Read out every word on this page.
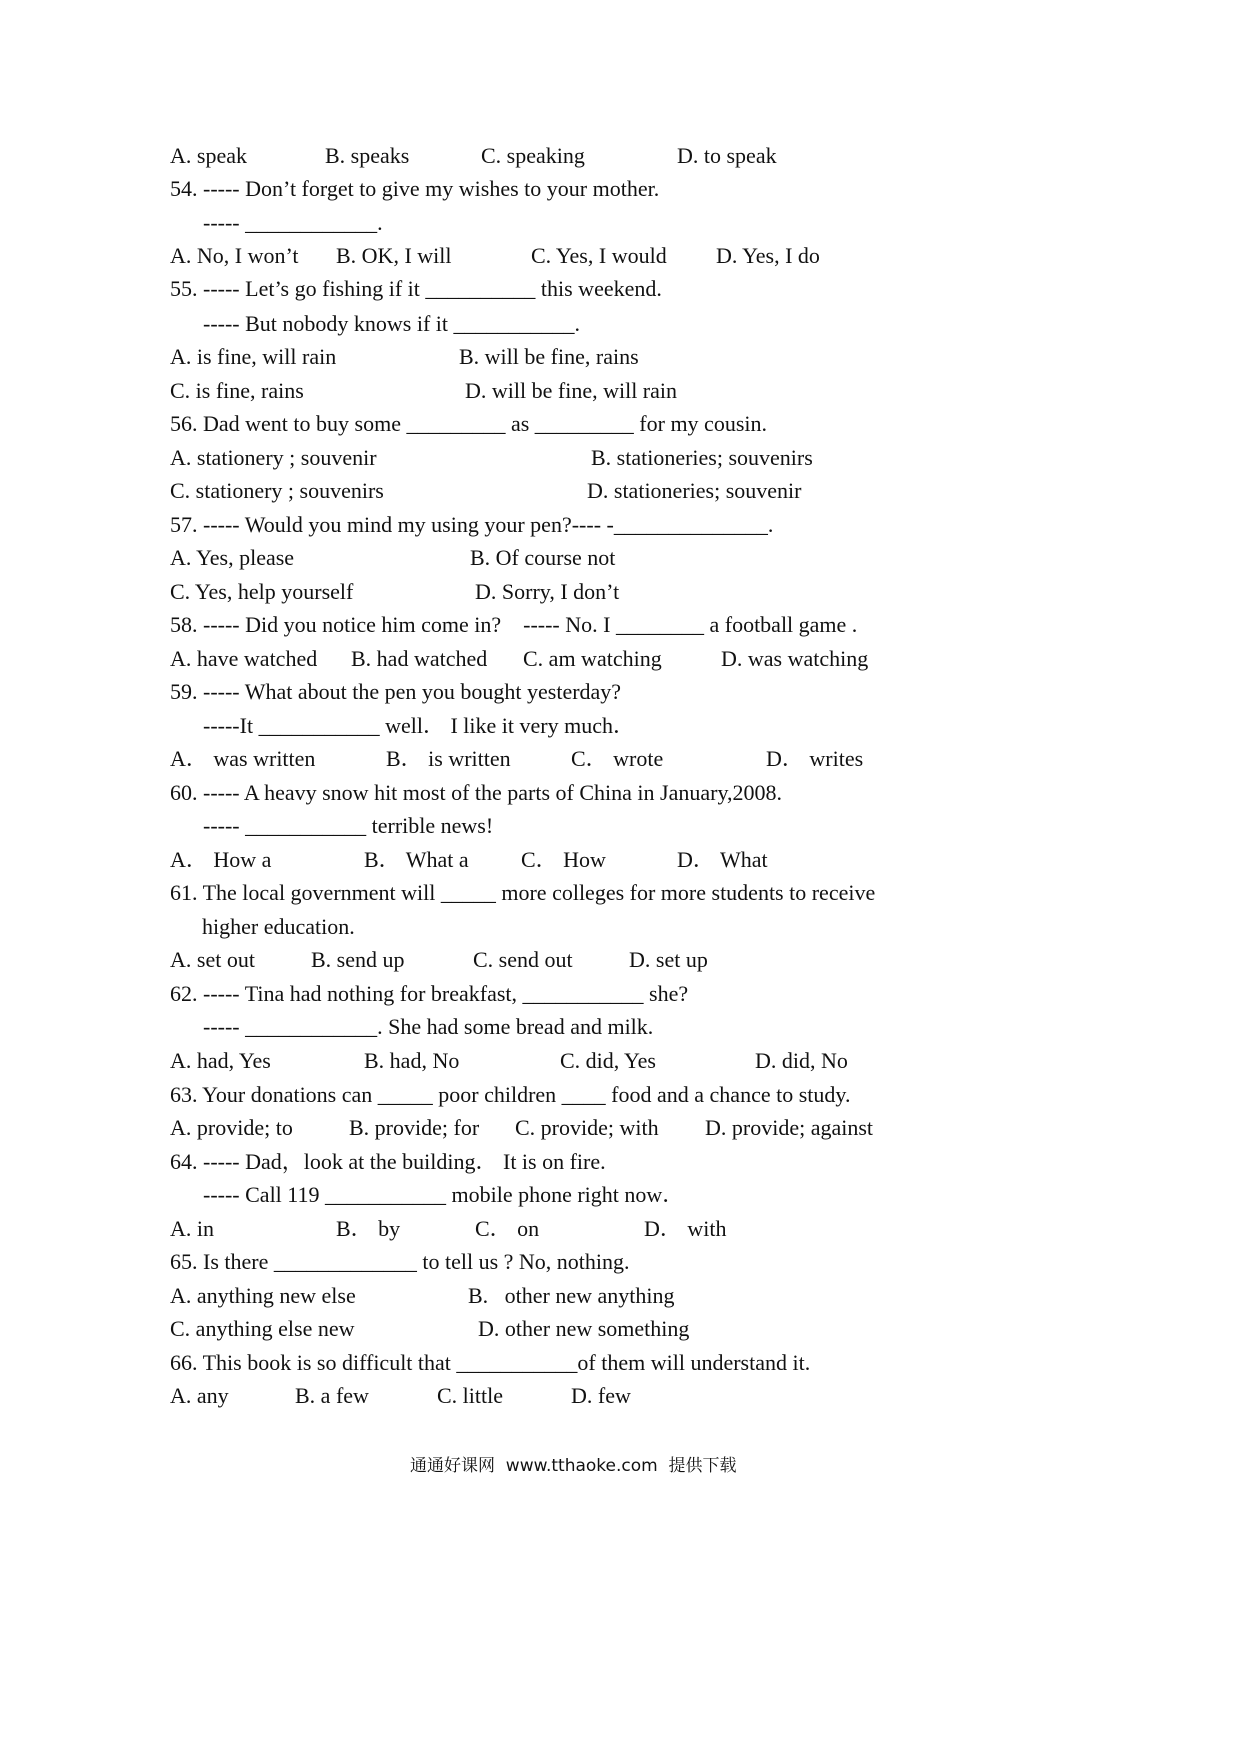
A. speak	B. speaks	C. speaking	D. to speak
54. ----- Don’t forget to give my wishes to your mother.
----- ____________.
A. No, I won’t B. OK, I will	C. Yes, I would D. Yes, I do
55. ----- Let’s go fishing if it __________ this weekend.
----- But nobody knows if it ___________.
A. is fine, will rain	B. will be fine, rains
C. is fine, rains	D. will be fine, will rain
56. Dad went to buy some _________ as _________ for my cousin.
A. stationery ; souvenir	B. stationeries; souvenirs
C. stationery ; souvenirs	D. stationeries; souvenir
57. ----- Would you mind my using your pen?---- -______________.
A. Yes, please	B. Of course not
C. Yes, help yourself	D. Sorry, I don’t
58. ----- Did you notice him come in?    ----- No. I ________ a football game .
A. have watched B. had watched C. am watching	D. was watching
59. ----- What about the pen you bought yesterday?
-----It ___________ well． I like it very much．
A． was written	B． is written	C． wrote	D． writes
60. ----- A heavy snow hit most of the parts of China in January,2008.
----- ___________ terrible news!
A． How a	B． What a C． How	D． What
61. The local government will _____ more colleges for more students to receive
higher education.
A. set out	B. send up	C. send out	D. set up
62. ----- Tina had nothing for breakfast, ___________ she?
----- ____________. She had some bread and milk.
A. had, Yes	B. had, No	C. did, Yes	D. did, No
63. Your donations can _____ poor children ____ food and a chance to study.
A. provide; to	B. provide; for C. provide; with D. provide; against
64. ----- Dad，look at the building． It is on fire.
----- Call 119 ___________ mobile phone right now．
A. in	B． by	C． on	D． with
65. Is there _____________ to tell us ? No, nothing.
A. anything new else	B.   other new anything
C. anything else new	D. other new something
66. This book is so difficult that ___________of them will understand it.
A. any	B. a few	C. little	D. few
通通好课网  www.tthaoke.com  提供下载
